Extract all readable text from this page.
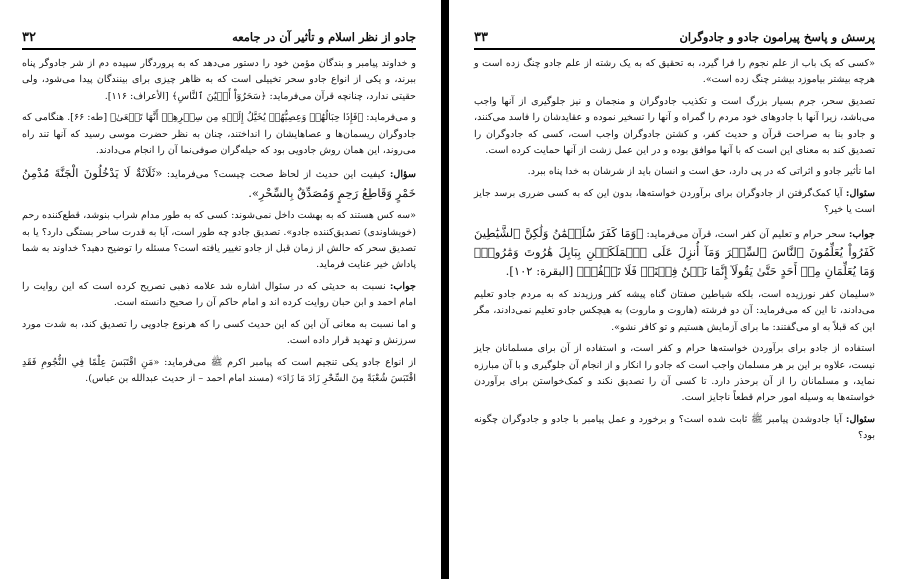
جادو از نظر اسلام و تأثیر آن در جامعه
۳۲

و خداوند پیامبر و بندگان مؤمن خود را دستور می‌دهد که به پروردگار سپیده دم از شر جادوگر پناه ببرند، و یکی از انواع جادو سحر تخییلی است که به ظاهر چیزی برای بینندگان پیدا می‌شود، ولی حقیتی ندارد، چنانچه قرآن می‌فرماید: ﴿سَحَرُوٓاْ أَعۡيُنَ ٱلنَّاسِ﴾ [الأعراف: ۱۱۶].

و می‌فرماید: ﴿فَإِذَا حِبَالُهُمۡ وَعِصِيُّهُمۡ يُخَيَّلُ إِلَيۡهِ مِن سِحۡرِهِمۡ أَنَّهَا تَسۡعَىٰ﴾ [طه: ۶۶]. هنگامی که جادوگران ریسمان‌ها و عصاهایشان را انداختند، چنان به نظر حضرت موسی رسید که آنها تند راه می‌روند، این همان روش جادویی بود که حیله‌گران صوفی‌نما آن را انجام می‌دادند.

سؤال: کیفیت این حدیث از لحاظ صحت چیست؟ می‌فرماید: «ثَلَاثَةٌ لَا يَدْخُلُونَ الْجَنَّةَ مُدْمِنُ خَمْرٍ وَقَاطِعُ رَحِمٍ وَمُصَدِّقٌ بِالسِّحْرِ».

«سه کس هستند که به بهشت داخل نمی‌شوند: کسی که به طور مدام شراب بنوشد، قطع‌کننده رحم (خویشاوندی) تصدیق‌کننده جادو». تصدیق جادو چه طور است، آیا به قدرت ساحر بستگی دارد؟ یا به تصدیق سحر که حالش از زمان قبل از جادو تغییر یافته است؟ مسئله را توضیح دهید؟ خداوند به شما پاداش خیر عنایت فرماید.

جواب: نسبت به حدیثی که در سئوال اشاره شد علامه ذهبی تصریح کرده است که این روایت را امام احمد و ابن حبان روایت کرده اند و امام حاکم آن را صحیح دانسته است.

و اما نسبت به معانی آن این که این حدیث کسی را که هرنوع جادویی را تصدیق کند، به شدت مورد سرزنش و تهدید قرار داده است.

از انواع جادو یکی تنجیم است که پیامبر اکرم ﷺ می‌فرماید: «مَنِ اقْتَبَسَ عِلْمًا فِي النُّجُومِ فَقَدِ اقْتَبَسَ شُعْبَةً مِنَ السِّحْرِ زَادَ مَا زَادَ» (مسند امام احمد – از حدیث عبدالله بن عباس).

پرسش و پاسخ پیرامون جادو و جادوگران
۳۳

«کسی که یک باب از علم نجوم را فرا گیرد، به تحقیق که به یک رشته از علم جادو چنگ زده است و هرچه بیشتر بیاموزد بیشتر چنگ زده است».

تصدیق سحر، جرم بسیار بزرگ است و تکذیب جادوگران و منجمان و نیز جلوگیری از آنها واجب می‌باشد، زیرا آنها با جادوهای خود مردم را گمراه و آنها را تسخیر نموده و عقایدشان را فاسد می‌کنند، و جادو بنا به صراحت قرآن و حدیث کفر، و کشتن جادوگران واجب است، کسی که جادوگران را تصدیق کند به معنای این است که با آنها موافق بوده و در این عمل زشت از آنها حمایت کرده است.

اما تأثیر جادو و اثراتی که در پی دارد، حق است و انسان باید از شرشان به خدا پناه ببرد.

سئوال: آیا کمک‌گرفتن از جادوگران برای برآوردن خواسته‌ها، بدون این که به کسی ضرری برسد جایز است یا خیر؟

جواب: سحر حرام و تعلیم آن کفر است، قرآن می‌فرماید: ﴿وَمَا كَفَرَ سُلَيۡمَٰنُ وَلَٰكِنَّ ٱلشَّيَٰطِينَ كَفَرُواْ يُعَلِّمُونَ ٱلنَّاسَ ٱلسِّحۡرَ وَمَآ أُنزِلَ عَلَى ٱلۡمَلَكَيۡنِ بِبَابِلَ هَٰرُوتَ وَمَٰرُوتَۚ وَمَا يُعَلِّمَانِ مِنۡ أَحَدٍ حَتَّىٰ يَقُولَآ إِنَّمَا نَحۡنُ فِتۡنَةٞ فَلَا تَكۡفُرۡ﴾ [البقرة: ۱۰۲].

«سلیمان کفر نورزیده است، بلکه شیاطین صفتان گناه پیشه کفر ورزیدند که به مردم جادو تعلیم می‌دادند، تا این که می‌فرماید: آن دو فرشته (هاروت و ماروت) به هیچکس جادو تعلیم نمی‌دادند، مگر این که قبلاً به او می‌گفتند: ما برای آزمایش هستیم و تو کافر نشو».

استفاده از جادو برای برآوردن خواسته‌ها حرام و کفر است، و استفاده از آن برای مسلمانان جایز نیست، علاوه بر این بر هر مسلمان واجب است که جادو را انکار و از انجام آن جلوگیری و با آن مبارزه نماید، و مسلمانان را از آن برحذر دارد. تا کسی آن را تصدیق نکند و کمک‌خواستن برای برآوردن خواسته‌ها به وسیله امور حرام قطعاً ناجایز است.

سئوال: آیا جادوشدن پیامبر ﷺ ثابت شده است؟ و برخورد و عمل پیامبر با جادو و جادوگران چگونه بود؟
